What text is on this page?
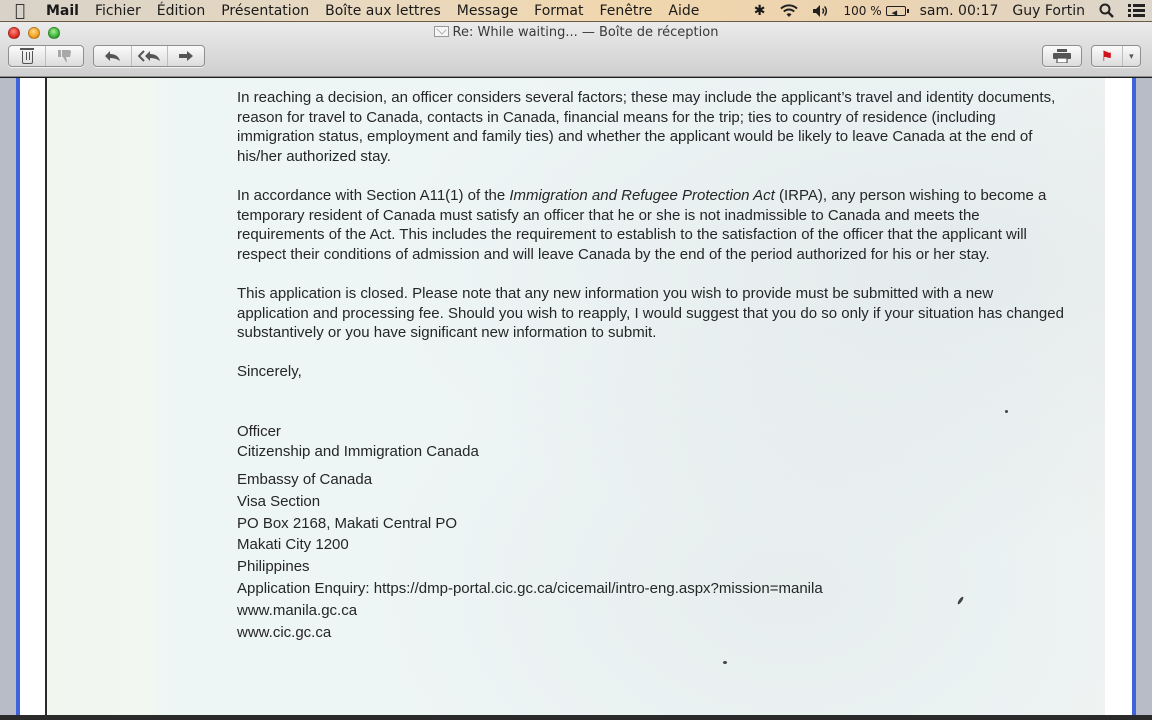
Mail	Fichier	Édition	Présentation	Boîte aux lettres	Message	Format	Fenêtre	Aide	✱	100 % ◂	sam. 00:17	Guy Fortin
Re: While waiting... — Boîte de réception
⚑ ▾

In reaching a decision, an officer considers several factors; these may include the applicant’s travel and identity documents, reason for travel to Canada, contacts in Canada, financial means for the trip; ties to country of residence (including immigration status, employment and family ties) and whether the applicant would be likely to leave Canada at the end of his/her authorized stay.

In accordance with Section A11(1) of the Immigration and Refugee Protection Act (IRPA), any person wishing to become a temporary resident of Canada must satisfy an officer that he or she is not inadmissible to Canada and meets the requirements of the Act. This includes the requirement to establish to the satisfaction of the officer that the applicant will respect their conditions of admission and will leave Canada by the end of the period authorized for his or her stay.

This application is closed. Please note that any new information you wish to provide must be submitted with a new application and processing fee. Should you wish to reapply, I would suggest that you do so only if your situation has changed substantively or you have significant new information to submit.

Sincerely,

Officer
Citizenship and Immigration Canada
Embassy of Canada
Visa Section
PO Box 2168, Makati Central PO
Makati City 1200
Philippines
Application Enquiry: https://dmp-portal.cic.gc.ca/cicemail/intro-eng.aspx?mission=manila
www.manila.gc.ca
www.cic.gc.ca
